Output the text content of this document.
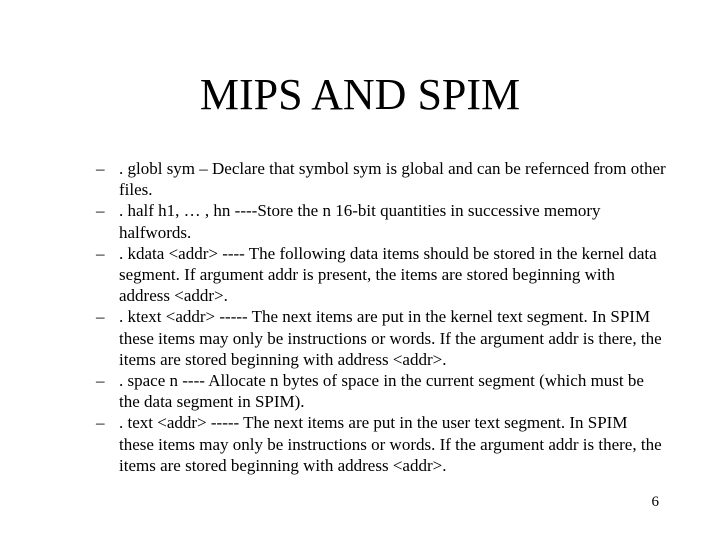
MIPS AND SPIM
– . globl sym – Declare that symbol sym is global and can be refernced from other files.
– . half h1, … , hn ----Store the n 16-bit quantities in successive memory halfwords.
– . kdata <addr> ---- The following data items should be stored in the kernel data segment. If argument addr is present, the items are stored beginning with address <addr>.
– . ktext <addr> ----- The next items are put in the kernel text segment. In SPIM these items may only be instructions or words. If the argument addr is there, the items are stored beginning with address <addr>.
– . space n ---- Allocate n bytes of space in the current segment (which must be the data segment in SPIM).
– . text <addr> ----- The next items are put in the user text segment. In SPIM these items may only be instructions or words. If the argument addr is there, the items are stored beginning with address <addr>.
6
